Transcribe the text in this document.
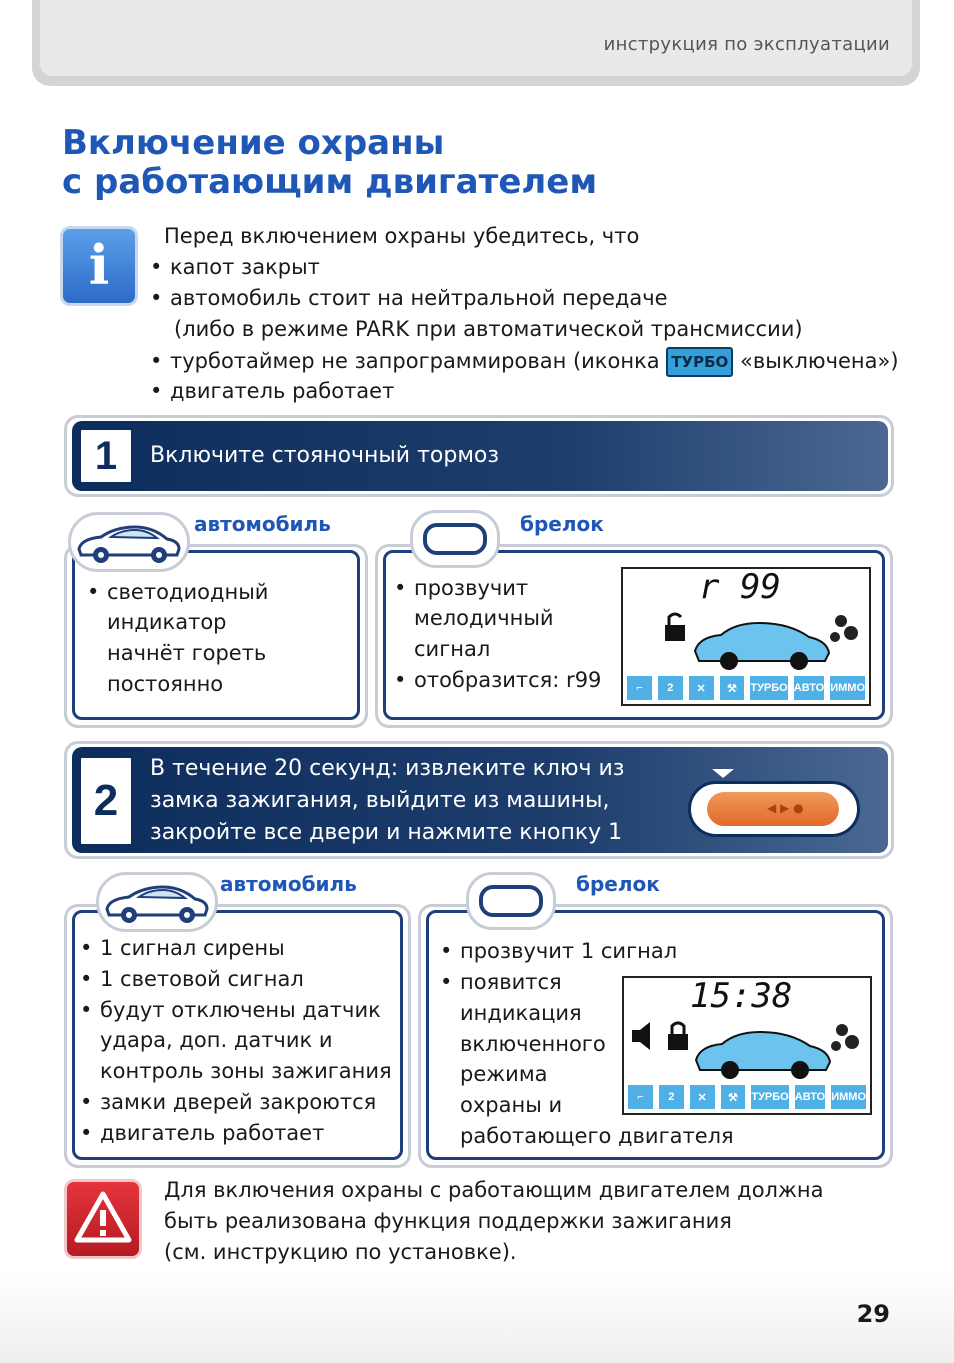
инструкция по эксплуатации
Включение охраны
с работающим двигателем
i	Перед включением охраны убедитесь, что
• капот закрыт
• автомобиль стоит на нейтральной передаче
(либо в режиме PARK при автоматической трансмиссии)
• турботаймер не запрограммирован (иконка ТУРБО «выключена»)
• двигатель работает
1	Включите стояночный тормоз
автомобиль
• светодиодный
индикатор
начнёт гореть
постоянно
брелок
• прозвучит
мелодичный
сигнал
• отобразится: r99
r 99
⌐	2	✕	⚒	ТУРБО АВТО ИММО
2
В течение 20 секунд: извлеките ключ из
замка зажигания, выйдите из машины,
закройте все двери и нажмите кнопку 1
◀ ▶ ●
автомобиль
• 1 сигнал сирены
• 1 световой сигнал
• будут отключены датчик
удара, доп. датчик и
контроль зоны зажигания
• замки дверей закроются
• двигатель работает
брелок
• прозвучит 1 сигнал
• появится
индикация
включенного
режима
охраны и
работающего двигателя
15:38
⌐	2	✕	⚒	ТУРБО АВТО ИММО
Для включения охраны с работающим двигателем должна
быть реализована функция поддержки зажигания
(см. инструкцию по установке).
29
